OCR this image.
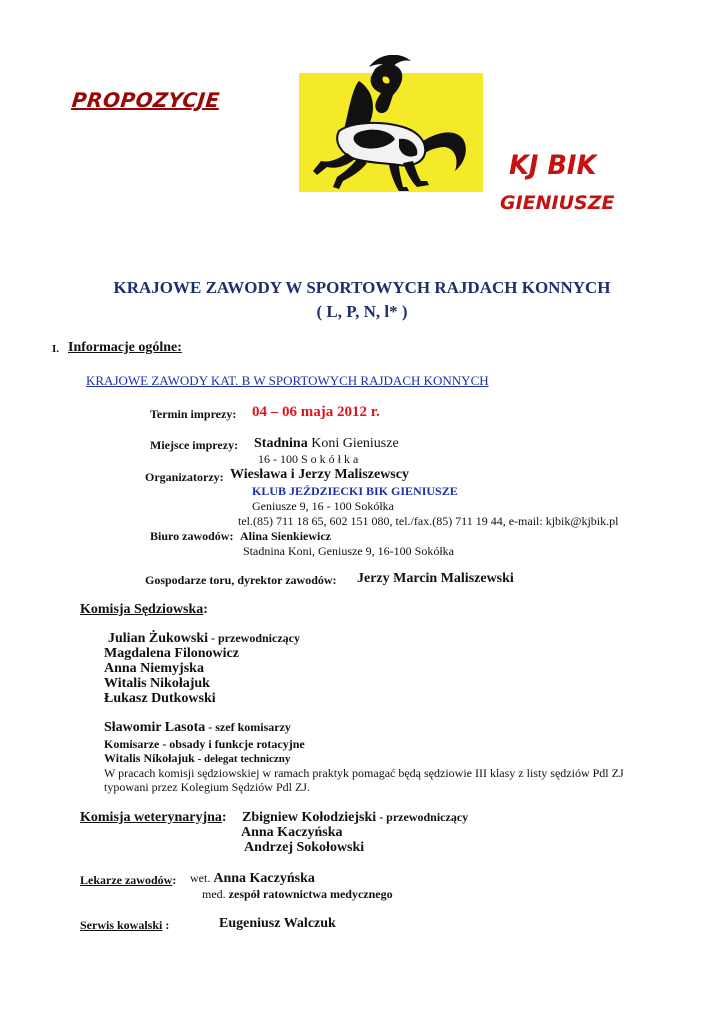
PROPOZYCJE
KJ BIK
GIENIUSZE
KRAJOWE ZAWODY W SPORTOWYCH RAJDACH KONNYCH
( L, P, N, l* )
I. Informacje ogólne:
KRAJOWE ZAWODY KAT. B W SPORTOWYCH RAJDACH KONNYCH
Termin imprezy: 04 – 06 maja 2012 r.
Miejsce imprezy: Stadnina Koni Gieniusze
16 - 100 S o k ó ł k a
Organizatorzy: Wiesława i Jerzy Maliszewscy
KLUB JEŹDZIECKI BIK GIENIUSZE
Geniusze 9, 16 - 100 Sokółka
tel.(85) 711 18 65, 602 151 080, tel./fax.(85) 711 19 44, e-mail: kjbik@kjbik.pl
Biuro zawodów: Alina Sienkiewicz
Stadnina Koni, Geniusze 9, 16-100 Sokółka
Gospodarze toru, dyrektor zawodów: Jerzy Marcin Maliszewski
Komisja Sędziowska:
Julian Żukowski - przewodniczący
Magdalena Filonowicz
Anna Niemyjska
Witalis Nikołajuk
Łukasz Dutkowski
Sławomir Lasota - szef komisarzy
Komisarze - obsady i funkcje rotacyjne
Witalis Nikołajuk - delegat techniczny
W pracach komisji sędziowskiej w ramach praktyk pomagać będą sędziowie III klasy z listy sędziów Pdl ZJ
typowani przez Kolegium Sędziów Pdl ZJ.
Komisja weterynaryjna: Zbigniew Kołodziejski - przewodniczący
Anna Kaczyńska
Andrzej Sokołowski
Lekarze zawodów: wet. Anna Kaczyńska
med. zespół ratownictwa medycznego
Serwis kowalski :	Eugeniusz Walczuk
